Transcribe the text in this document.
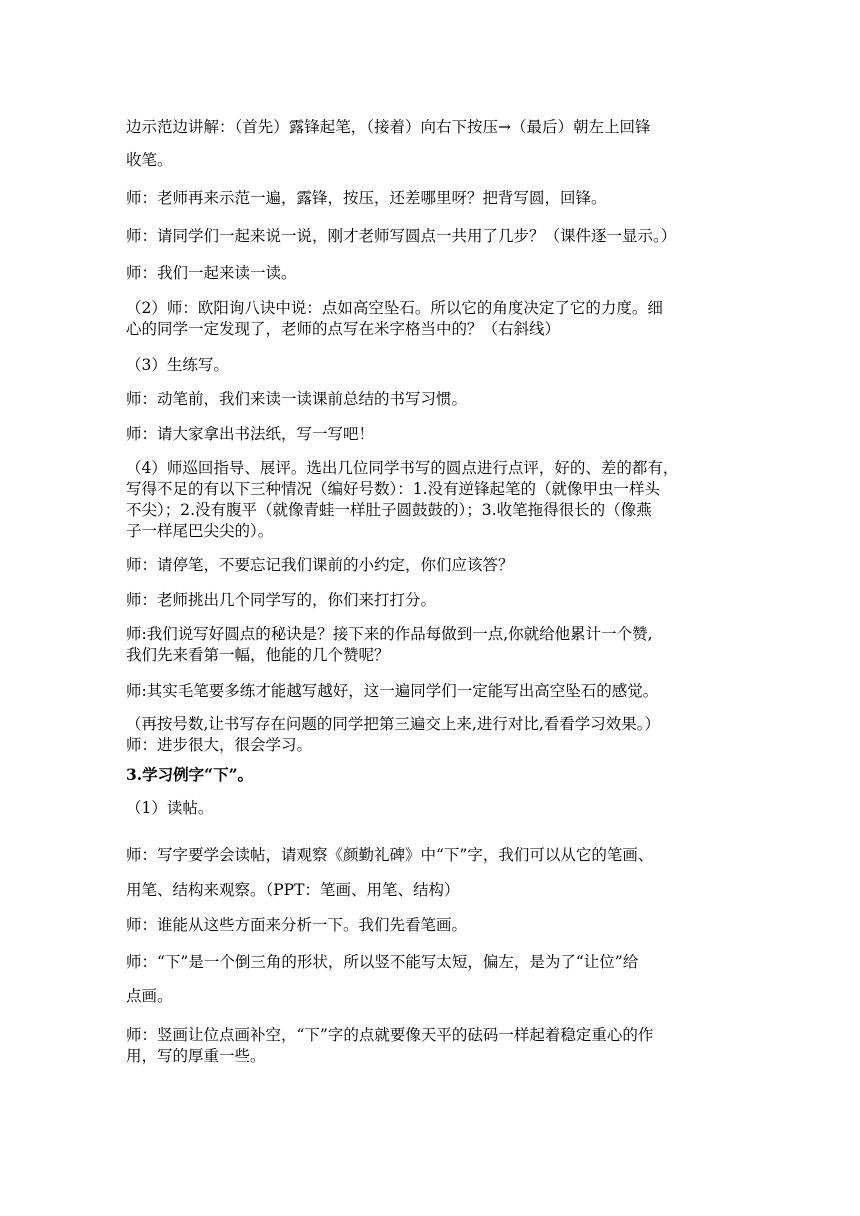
边示范边讲解：（首先）露锋起笔，（接着）向右下按压→（最后）朝左上回锋
收笔。
师：老师再来示范一遍，露锋，按压，还差哪里呀？把背写圆，回锋。
师：请同学们一起来说一说，刚才老师写圆点一共用了几步？（课件逐一显示。）
师：我们一起来读一读。
（2）师：欧阳询八诀中说：点如高空坠石。所以它的角度决定了它的力度。细
心的同学一定发现了，老师的点写在米字格当中的？（右斜线）
（3）生练写。
师：动笔前，我们来读一读课前总结的书写习惯。
师：请大家拿出书法纸，写一写吧！
（4）师巡回指导、展评。选出几位同学书写的圆点进行点评，好的、差的都有，
写得不足的有以下三种情况（编好号数）：1.没有逆锋起笔的（就像甲虫一样头
不尖）；2.没有腹平（就像青蛙一样肚子圆鼓鼓的）；3.收笔拖得很长的（像燕
子一样尾巴尖尖的）。
师：请停笔，不要忘记我们课前的小约定，你们应该答？
师：老师挑出几个同学写的，你们来打打分。
师:我们说写好圆点的秘诀是？接下来的作品每做到一点,你就给他累计一个赞,
我们先来看第一幅，他能的几个赞呢？
师:其实毛笔要多练才能越写越好，这一遍同学们一定能写出高空坠石的感觉。
（再按号数,让书写存在问题的同学把第三遍交上来,进行对比,看看学习效果。）
师：进步很大，很会学习。
3.学习例字“下”。
（1）读帖。
师：写字要学会读帖，请观察《颜勤礼碑》中“下”字，我们可以从它的笔画、
用笔、结构来观察。（PPT：笔画、用笔、结构）
师：谁能从这些方面来分析一下。我们先看笔画。
师：“下”是一个倒三角的形状，所以竖不能写太短，偏左，是为了“让位”给
点画。
师：竖画让位点画补空，“下”字的点就要像天平的砝码一样起着稳定重心的作
用，写的厚重一些。
